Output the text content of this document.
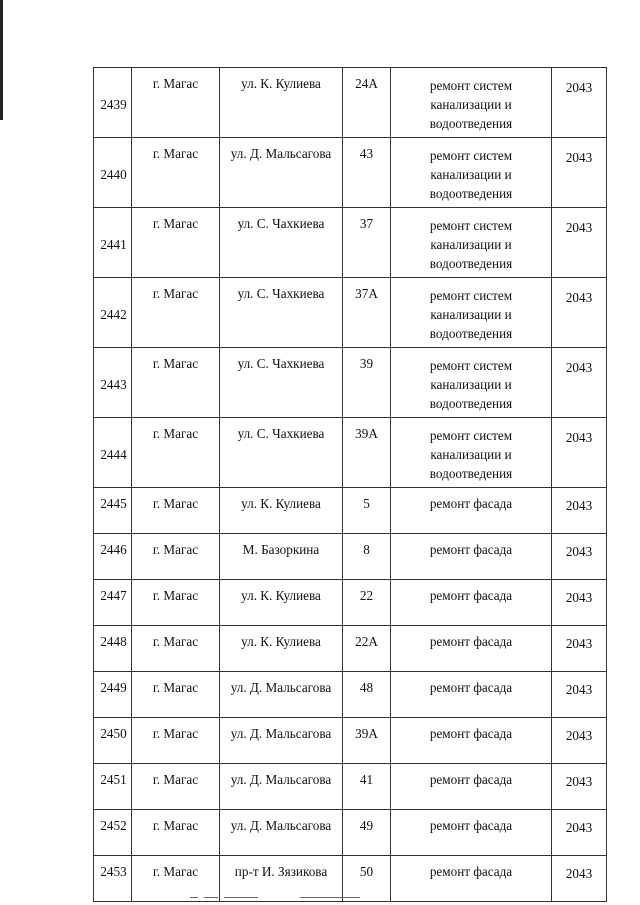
2439	г. Магас	ул. К. Кулиева	24А	ремонт систем канализации и водоотведения	2043

2440	г. Магас	ул. Д. Мальсагова	43	ремонт систем канализации и водоотведения	2043

2441	г. Магас	ул. С. Чахкиева	37	ремонт систем канализации и водоотведения	2043

2442	г. Магас	ул. С. Чахкиева	37А	ремонт систем канализации и водоотведения	2043

2443	г. Магас	ул. С. Чахкиева	39	ремонт систем канализации и водоотведения	2043

2444	г. Магас	ул. С. Чахкиева	39А	ремонт систем канализации и водоотведения	2043

2445	г. Магас	ул. К. Кулиева	5	ремонт фасада	2043

2446	г. Магас	М. Базоркина	8	ремонт фасада	2043

2447	г. Магас	ул. К. Кулиева	22	ремонт фасада	2043

2448	г. Магас	ул. К. Кулиева	22А	ремонт фасада	2043

2449	г. Магас	ул. Д. Мальсагова	48	ремонт фасада	2043

2450	г. Магас	ул. Д. Мальсагова	39А	ремонт фасада	2043

2451	г. Магас	ул. Д. Мальсагова	41	ремонт фасада	2043

2452	г. Магас	ул. Д. Мальсагова	49	ремонт фасада	2043

2453	г. Магас	пр-т И. Зязикова	50	ремонт фасада	2043
